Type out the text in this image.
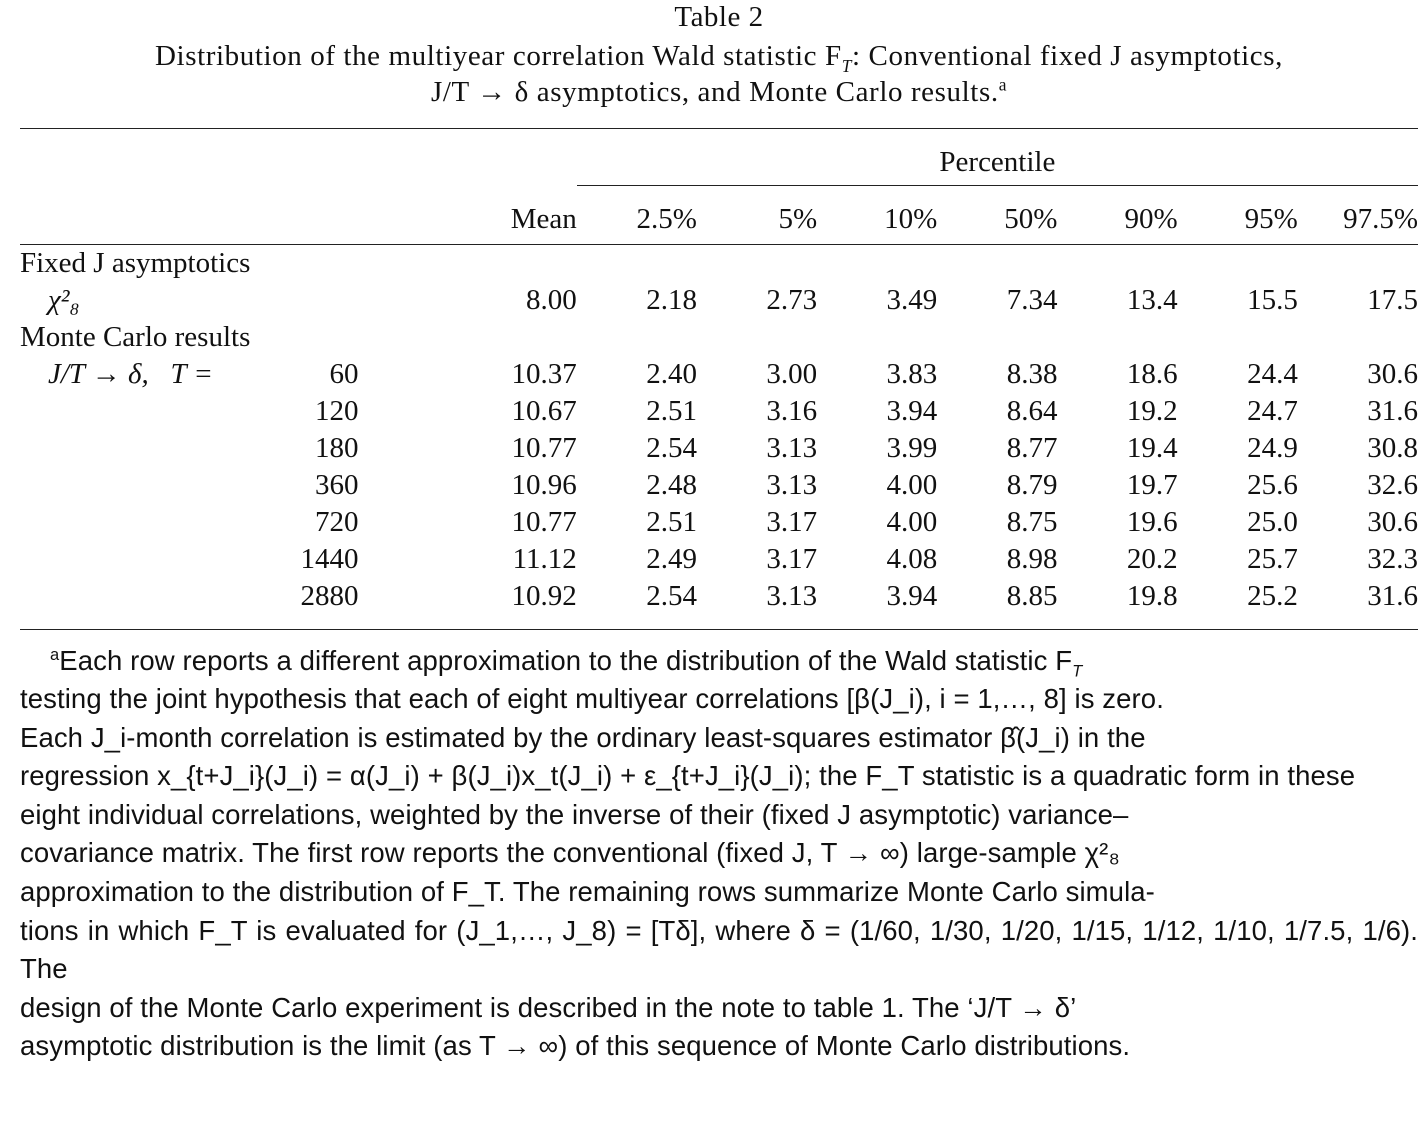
Table 2
Distribution of the multiyear correlation Wald statistic $F_T$: Conventional fixed J asymptotics,
J/T → δ asymptotics, and Monte Carlo results.$^a$
		Percentile						

	Mean	2.5%	5%	10%	50%	90%	95%	97.5%
Fixed J asymptotics								
χ²₈	8.00	2.18	2.73	3.49	7.34	13.4	15.5	17.5
Monte Carlo results								

J/T → δ,   T = 60	10.37	2.40	3.00	3.83	8.38	18.6	24.4	30.6
120	10.67	2.51	3.16	3.94	8.64	19.2	24.7	31.6
180	10.77	2.54	3.13	3.99	8.77	19.4	24.9	30.8
360	10.96	2.48	3.13	4.00	8.79	19.7	25.6	32.6
720	10.77	2.51	3.17	4.00	8.75	19.6	25.0	30.6
1440	11.12	2.49	3.17	4.08	8.98	20.2	25.7	32.3
2880	10.92	2.54	3.13	3.94	8.85	19.8	25.2	31.6

$^a$Each row reports a different approximation to the distribution of the Wald statistic $F_T$

testing the joint hypothesis that each of eight multiyear correlations [β(J_i), i = 1,…, 8] is zero.

Each J_i-month correlation is estimated by the ordinary least-squares estimator β̂(J_i) in the

regression x_{t+J_i}(J_i) = α(J_i) + β(J_i)x_t(J_i) + ε_{t+J_i}(J_i); the F_T statistic is a quadratic form in these

eight individual correlations, weighted by the inverse of their (fixed J asymptotic) variance–

covariance matrix. The first row reports the conventional (fixed J, T → ∞) large-sample χ²₈

approximation to the distribution of F_T. The remaining rows summarize Monte Carlo simula-

tions in which F_T is evaluated for (J_1,…, J_8) = [Tδ], where δ = (1/60, 1/30, 1/20, 1/15, 1/12, 1/10, 1/7.5, 1/6). The

design of the Monte Carlo experiment is described in the note to table 1. The ‘J/T → δ’

asymptotic distribution is the limit (as T → ∞) of this sequence of Monte Carlo distributions.
